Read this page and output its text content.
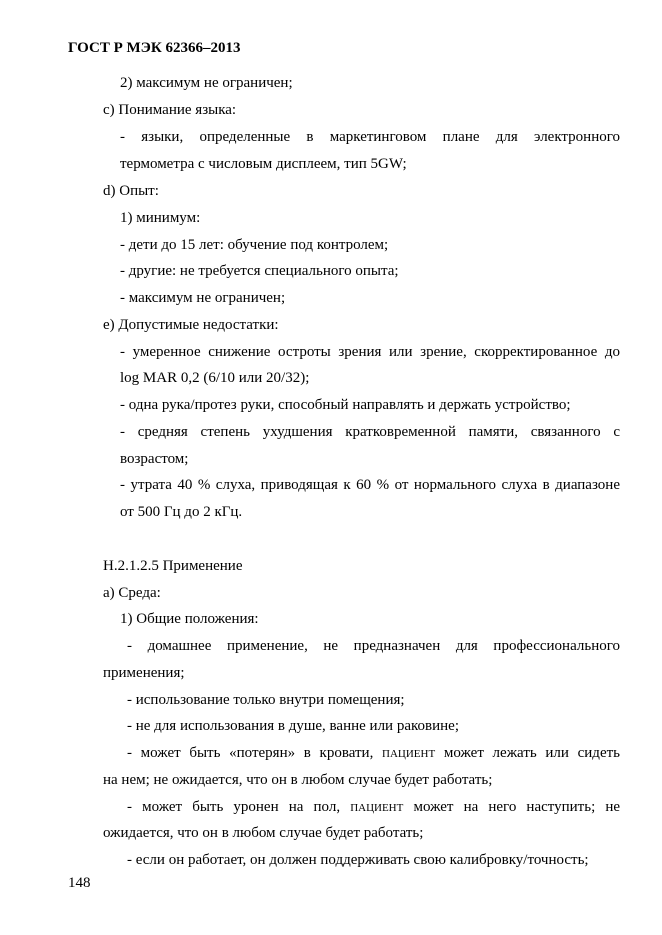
ГОСТ Р МЭК 62366–2013
2) максимум не ограничен;
c) Понимание языка:
- языки, определенные в маркетинговом плане для электронного
термометра с числовым дисплеем, тип 5GW;
d) Опыт:
1) минимум:
- дети до 15 лет: обучение под контролем;
- другие: не требуется специального опыта;
- максимум не ограничен;
e) Допустимые недостатки:
- умеренное снижение остроты зрения или зрение, скорректированное до
log MAR 0,2 (6/10 или 20/32);
- одна рука/протез руки, способный направлять и держать устройство;
- средняя степень ухудшения кратковременной памяти, связанного с
возрастом;
- утрата 40 % слуха, приводящая к 60 % от нормального слуха в диапазоне
от 500 Гц до 2 кГц.
Н.2.1.2.5 Применение
а) Среда:
1) Общие положения:
- домашнее применение, не предназначен для профессионального
применения;
- использование только внутри помещения;
- не для использования в душе, ванне или раковине;
- может быть «потерян» в кровати, пациент может лежать или сидеть
на нем; не ожидается, что он в любом случае будет работать;
- может быть уронен на пол, пациент может на него наступить; не
ожидается, что он в любом случае будет работать;
- если он работает, он должен поддерживать свою калибровку/точность;
148
